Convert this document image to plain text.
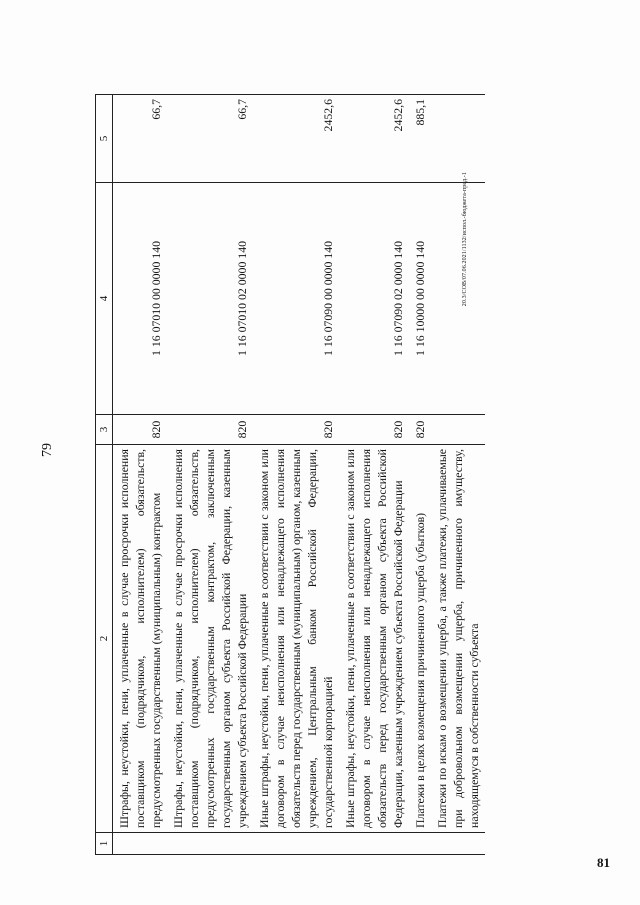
79
20.3/COB/07.06.2021/1132/испол.-бюджета-пред.-1
1	2	3	4	5
	Штрафы, неустойки, пени, уплаченные в случае просрочки исполнения поставщиком (подрядчиком, исполнителем) обязательств, предусмотренных государственным (муниципальным) контрактом	820	1 16 07010 00 0000 140	66,7
	Штрафы, неустойки, пени, уплаченные в случае просрочки исполнения поставщиком (подрядчиком, исполнителем) обязательств, предусмотренных государственным контрактом, заключенным государственным органом субъекта Российской Федерации, казенным учреждением субъекта Российской Федерации	820	1 16 07010 02 0000 140	66,7
	Иные штрафы, неустойки, пени, уплаченные в соответствии с законом или договором в случае неисполнения или ненадлежащего исполнения обязательств перед государственным (муниципальным) органом, казенным учреждением, Центральным банком Российской Федерации, государственной корпорацией	820	1 16 07090 00 0000 140	2452,6
	Иные штрафы, неустойки, пени, уплаченные в соответствии с законом или договором в случае неисполнения или ненадлежащего исполнения обязательств перед государственным органом субъекта Российской Федерации, казенным учреждением субъекта Российской Федерации	820	1 16 07090 02 0000 140	2452,6
	Платежи в целях возмещения причиненного ущерба (убытков)	820	1 16 10000 00 0000 140	885,1
	Платежи по искам о возмещении ущерба, а также платежи, уплачиваемые при добровольном возмещении ущерба, причиненного имуществу, находящемуся в собственности субъекта			
81
